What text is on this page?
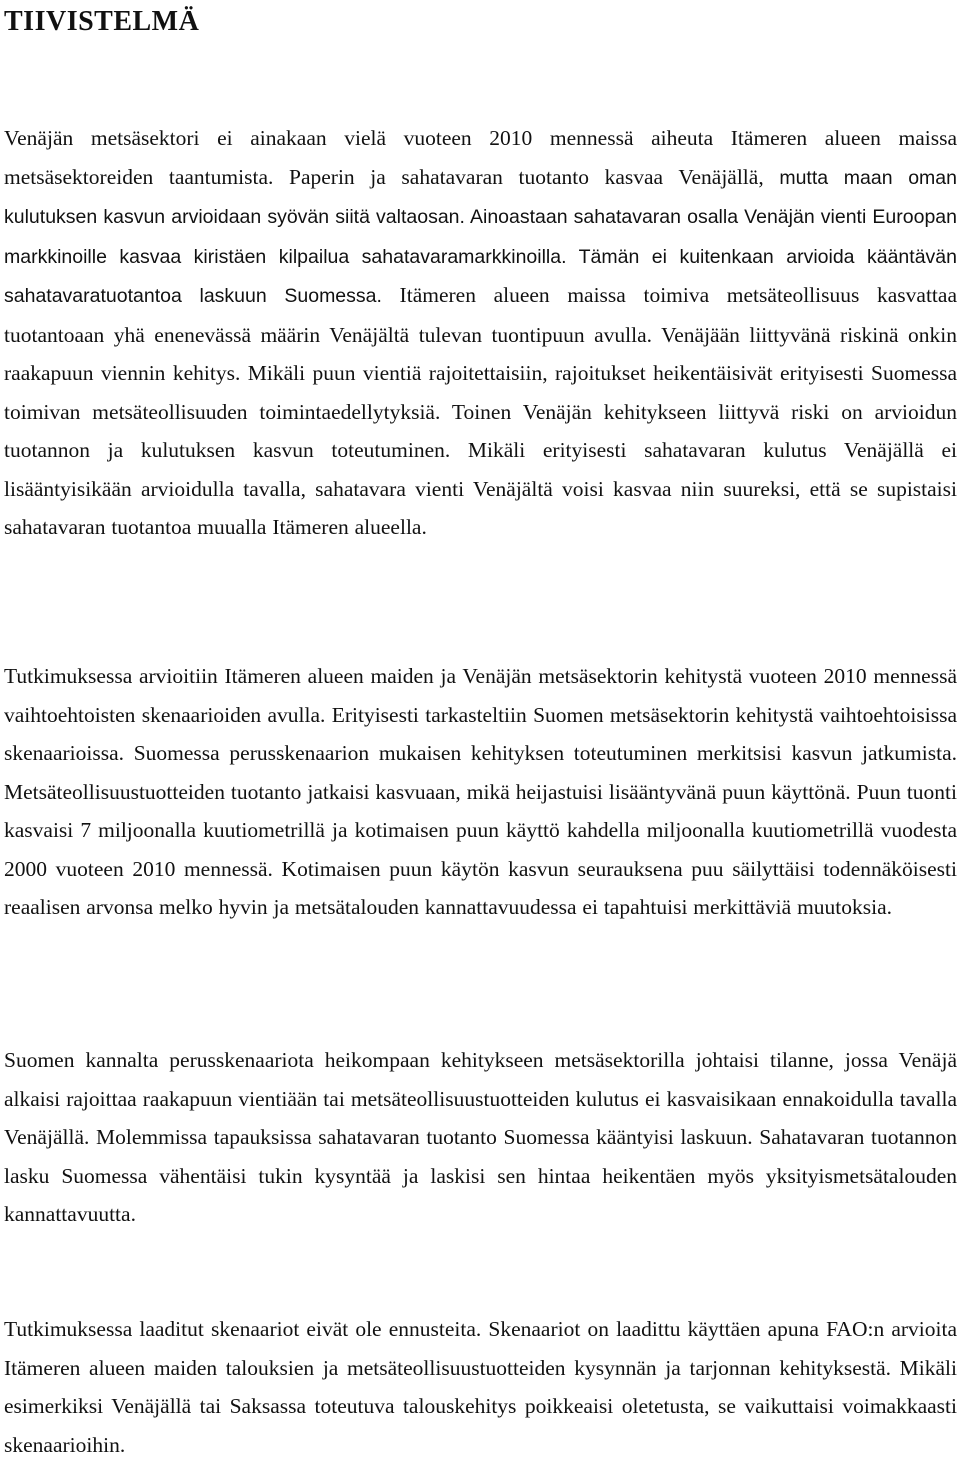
TIIVISTELMÄ

Venäjän metsäsektori ei ainakaan vielä vuoteen 2010 mennessä aiheuta Itämeren alueen maissa metsäsektoreiden taantumista. Paperin ja sahatavaran tuotanto kasvaa Venäjällä, mutta maan oman kulutuksen kasvun arvioidaan syövän siitä valtaosan. Ainoastaan sahatavaran osalla Venäjän vienti Euroopan markkinoille kasvaa kiristäen kilpailua sahatavaramarkkinoilla. Tämän ei kuitenkaan arvioida kääntävän sahatavaratuotantoa laskuun Suomessa. Itämeren alueen maissa toimiva metsäteollisuus kasvattaa tuotantoaan yhä enenevässä määrin Venäjältä tulevan tuontipuun avulla. Venäjään liittyvänä riskinä onkin raakapuun viennin kehitys. Mikäli puun vientiä rajoitettaisiin, rajoitukset heikentäisivät erityisesti Suomessa toimivan metsäteollisuuden toimintaedellytyksiä. Toinen Venäjän kehitykseen liittyvä riski on arvioidun tuotannon ja kulutuksen kasvun toteutuminen. Mikäli erityisesti sahatavaran kulutus Venäjällä ei lisääntyisikään arvioidulla tavalla, sahatavara vienti Venäjältä voisi kasvaa niin suureksi, että se supistaisi sahatavaran tuotantoa muualla Itämeren alueella.

Tutkimuksessa arvioitiin Itämeren alueen maiden ja Venäjän metsäsektorin kehitystä vuoteen 2010 mennessä vaihtoehtoisten skenaarioiden avulla. Erityisesti tarkasteltiin Suomen metsäsektorin kehitystä vaihtoehtoisissa skenaarioissa. Suomessa perusskenaarion mukaisen kehityksen toteutuminen merkitsisi kasvun jatkumista. Metsäteollisuustuotteiden tuotanto jatkaisi kasvuaan, mikä heijastuisi lisääntyvänä puun käyttönä. Puun tuonti kasvaisi 7 miljoonalla kuutiometrillä ja kotimaisen puun käyttö kahdella miljoonalla kuutiometrillä vuodesta 2000 vuoteen 2010 mennessä. Kotimaisen puun käytön kasvun seurauksena puu säilyttäisi todennäköisesti reaalisen arvonsa melko hyvin ja metsätalouden kannattavuudessa ei tapahtuisi merkittäviä muutoksia.

Suomen kannalta perusskenaariota heikompaan kehitykseen metsäsektorilla johtaisi tilanne, jossa Venäjä alkaisi rajoittaa raakapuun vientiään tai metsäteollisuustuotteiden kulutus ei kasvaisikaan ennakoidulla tavalla Venäjällä. Molemmissa tapauksissa sahatavaran tuotanto Suomessa kääntyisi laskuun. Sahatavaran tuotannon lasku Suomessa vähentäisi tukin kysyntää ja laskisi sen hintaa heikentäen myös yksityismetsätalouden kannattavuutta.

Tutkimuksessa laaditut skenaariot eivät ole ennusteita. Skenaariot on laadittu käyttäen apuna FAO:n arvioita Itämeren alueen maiden talouksien ja metsäteollisuustuotteiden kysynnän ja tarjonnan kehityksestä. Mikäli esimerkiksi Venäjällä tai Saksassa toteutuva talouskehitys poikkeaisi oletetusta, se vaikuttaisi voimakkaasti skenaarioihin.
